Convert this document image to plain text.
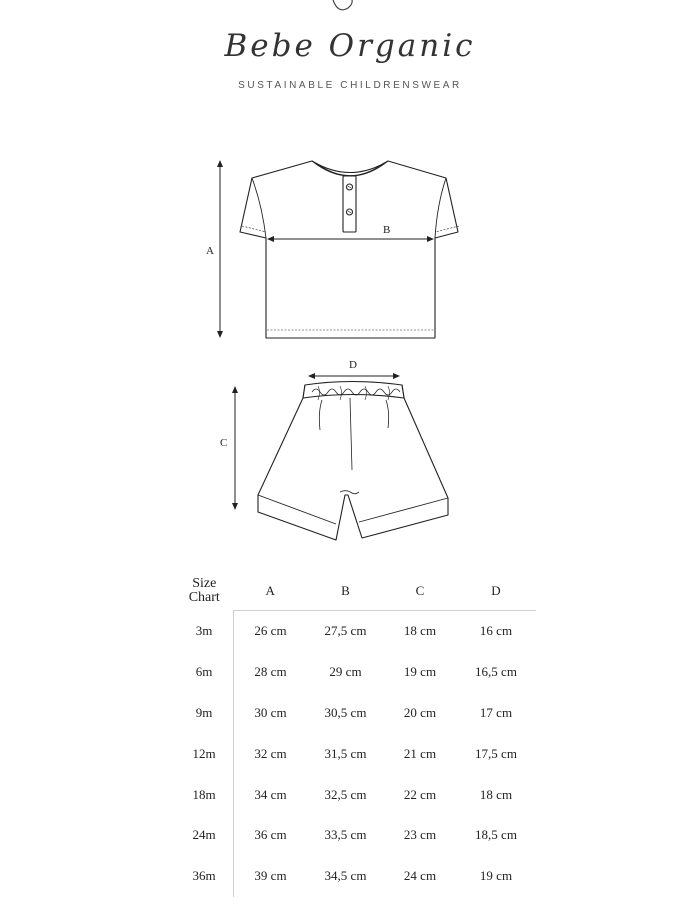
Bebe Organic
SUSTAINABLE CHILDRENSWEAR
A
B
C
D
Size
Chart	A	B	C	D
3m	26 cm	27,5 cm	18 cm	16 cm
6m	28 cm	29 cm	19 cm	16,5 cm
9m	30 cm	30,5 cm	20 cm	17 cm
12m	32 cm	31,5 cm	21 cm	17,5 cm
18m	34 cm	32,5 cm	22 cm	18 cm
24m	36 cm	33,5 cm	23 cm	18,5 cm
36m	39 cm	34,5 cm	24 cm	19 cm
